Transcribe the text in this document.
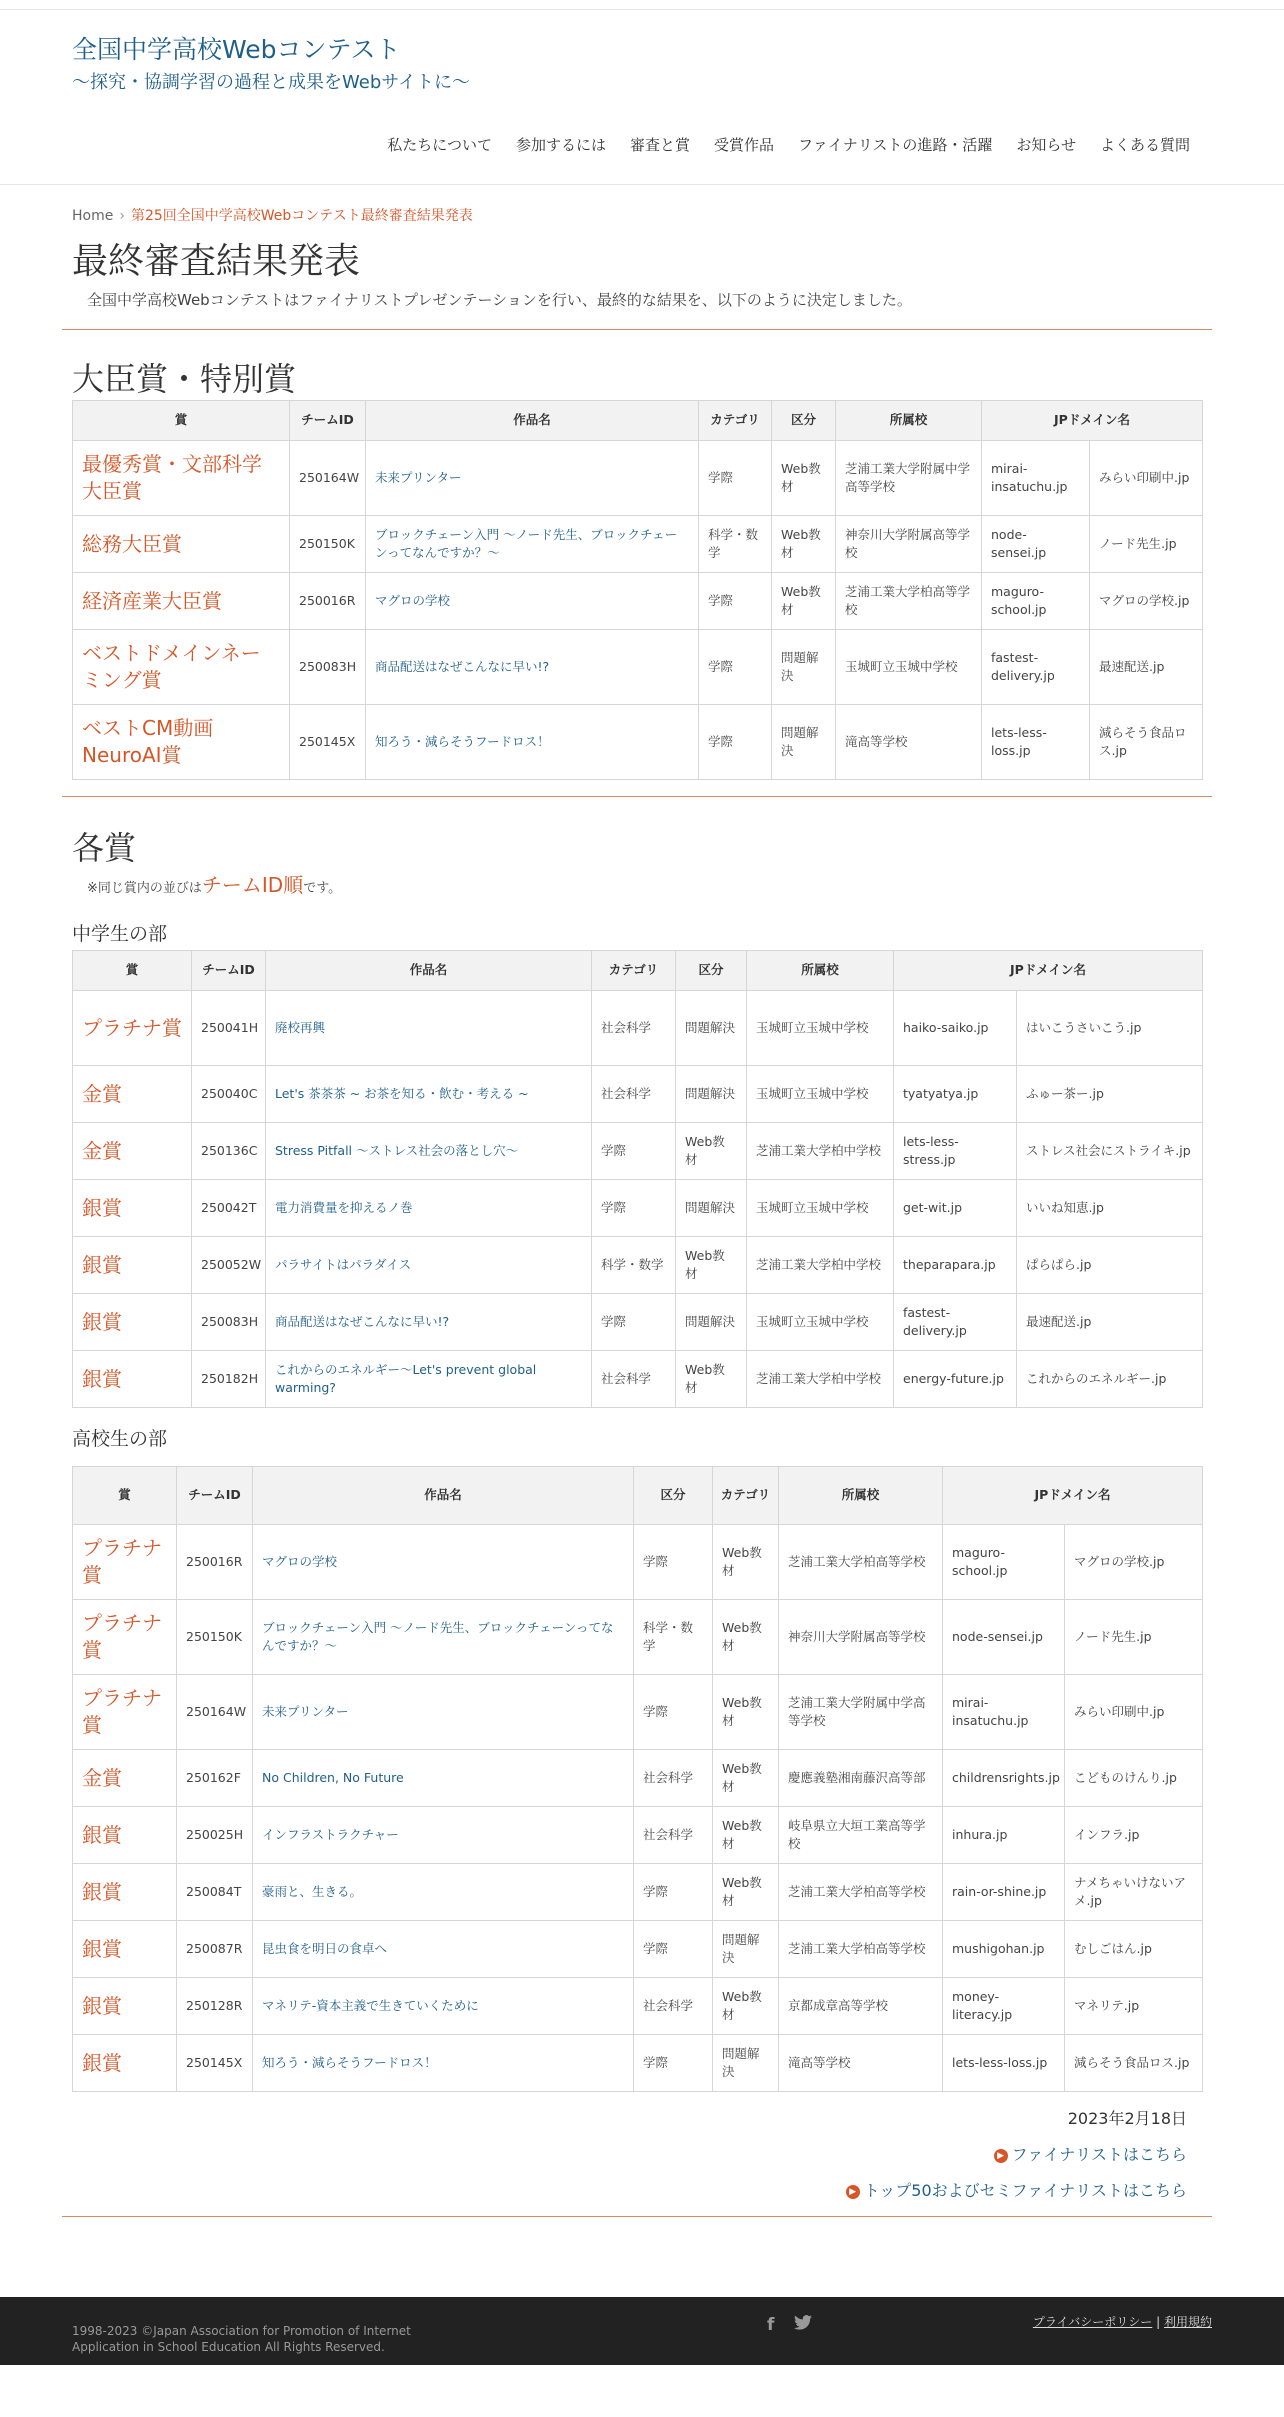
全国中学高校Webコンテスト
～探究・協調学習の過程と成果をWebサイトに～
私たちについて 参加するには 審査と賞 受賞作品 ファイナリストの進路・活躍 お知らせ よくある質問
Home › 第25回全国中学高校Webコンテスト最終審査結果発表
最終審査結果発表

全国中学高校Webコンテストはファイナリストプレゼンテーションを行い、最終的な結果を、以下のように決定しました。

大臣賞・特別賞
賞	チームID	作品名	カテゴリ	区分	所属校	JPドメイン名	
最優秀賞・文部科学大臣賞	250164W	未来プリンター	学際	Web教材	芝浦工業大学附属中学高等学校	mirai-insatuchu.jp	みらい印刷中.jp
総務大臣賞	250150K	ブロックチェーン入門 〜ノード先生、ブロックチェーンってなんですか？〜	科学・数学	Web教材	神奈川大学附属高等学校	node-sensei.jp	ノード先生.jp
経済産業大臣賞	250016R	マグロの学校	学際	Web教材	芝浦工業大学柏高等学校	maguro-school.jp	マグロの学校.jp
ベストドメインネーミング賞	250083H	商品配送はなぜこんなに早い!?	学際	問題解決	玉城町立玉城中学校	fastest-delivery.jp	最速配送.jp
ベストCM動画NeuroAI賞	250145X	知ろう・減らそうフードロス！	学際	問題解決	滝高等学校	lets-less-loss.jp	減らそう食品ロス.jp
各賞

※同じ賞内の並びはチームID順です。

中学生の部
賞	チームID	作品名	カテゴリ	区分	所属校	JPドメイン名	
プラチナ賞	250041H	廃校再興	社会科学	問題解決	玉城町立玉城中学校	haiko-saiko.jp	はいこうさいこう.jp
金賞	250040C	Let's 茶茶茶 ~ お茶を知る・飲む・考える ~	社会科学	問題解決	玉城町立玉城中学校	tyatyatya.jp	ふゅー茶ー.jp
金賞	250136C	Stress Pitfall ～ストレス社会の落とし穴～	学際	Web教材	芝浦工業大学柏中学校	lets-less-stress.jp	ストレス社会にストライキ.jp
銀賞	250042T	電力消費量を抑えるノ巻	学際	問題解決	玉城町立玉城中学校	get-wit.jp	いいね知恵.jp
銀賞	250052W	パラサイトはパラダイス	科学・数学	Web教材	芝浦工業大学柏中学校	theparapara.jp	ぱらぱら.jp
銀賞	250083H	商品配送はなぜこんなに早い!?	学際	問題解決	玉城町立玉城中学校	fastest-delivery.jp	最速配送.jp
銀賞	250182H	これからのエネルギー～Let's prevent global warming?	社会科学	Web教材	芝浦工業大学柏中学校	energy-future.jp	これからのエネルギー.jp
高校生の部
賞	チームID	作品名	区分	カテゴリ	所属校	JPドメイン名	
プラチナ賞	250016R	マグロの学校	学際	Web教材	芝浦工業大学柏高等学校	maguro-school.jp	マグロの学校.jp
プラチナ賞	250150K	ブロックチェーン入門 〜ノード先生、ブロックチェーンってなんですか？〜	科学・数学	Web教材	神奈川大学附属高等学校	node-sensei.jp	ノード先生.jp
プラチナ賞	250164W	未来プリンター	学際	Web教材	芝浦工業大学附属中学高等学校	mirai-insatuchu.jp	みらい印刷中.jp
金賞	250162F	No Children, No Future	社会科学	Web教材	慶應義塾湘南藤沢高等部	childrensrights.jp	こどものけんり.jp
銀賞	250025H	インフラストラクチャー	社会科学	Web教材	岐阜県立大垣工業高等学校	inhura.jp	インフラ.jp
銀賞	250084T	豪雨と、生きる。	学際	Web教材	芝浦工業大学柏高等学校	rain-or-shine.jp	ナメちゃいけないアメ.jp
銀賞	250087R	昆虫食を明日の食卓へ	学際	問題解決	芝浦工業大学柏高等学校	mushigohan.jp	むしごはん.jp
銀賞	250128R	マネリテ-資本主義で生きていくために	社会科学	Web教材	京都成章高等学校	money-literacy.jp	マネリテ.jp
銀賞	250145X	知ろう・減らそうフードロス！	学際	問題解決	滝高等学校	lets-less-loss.jp	減らそう食品ロス.jp

2023年2月18日

▶ ファイナリストはこちら

▶ トップ50およびセミファイナリストはこちら

1998-2023 ©Japan Association for Promotion of Internet
Application in School Education All Rights Reserved.
f	プライバシーポリシー | 利用規約
